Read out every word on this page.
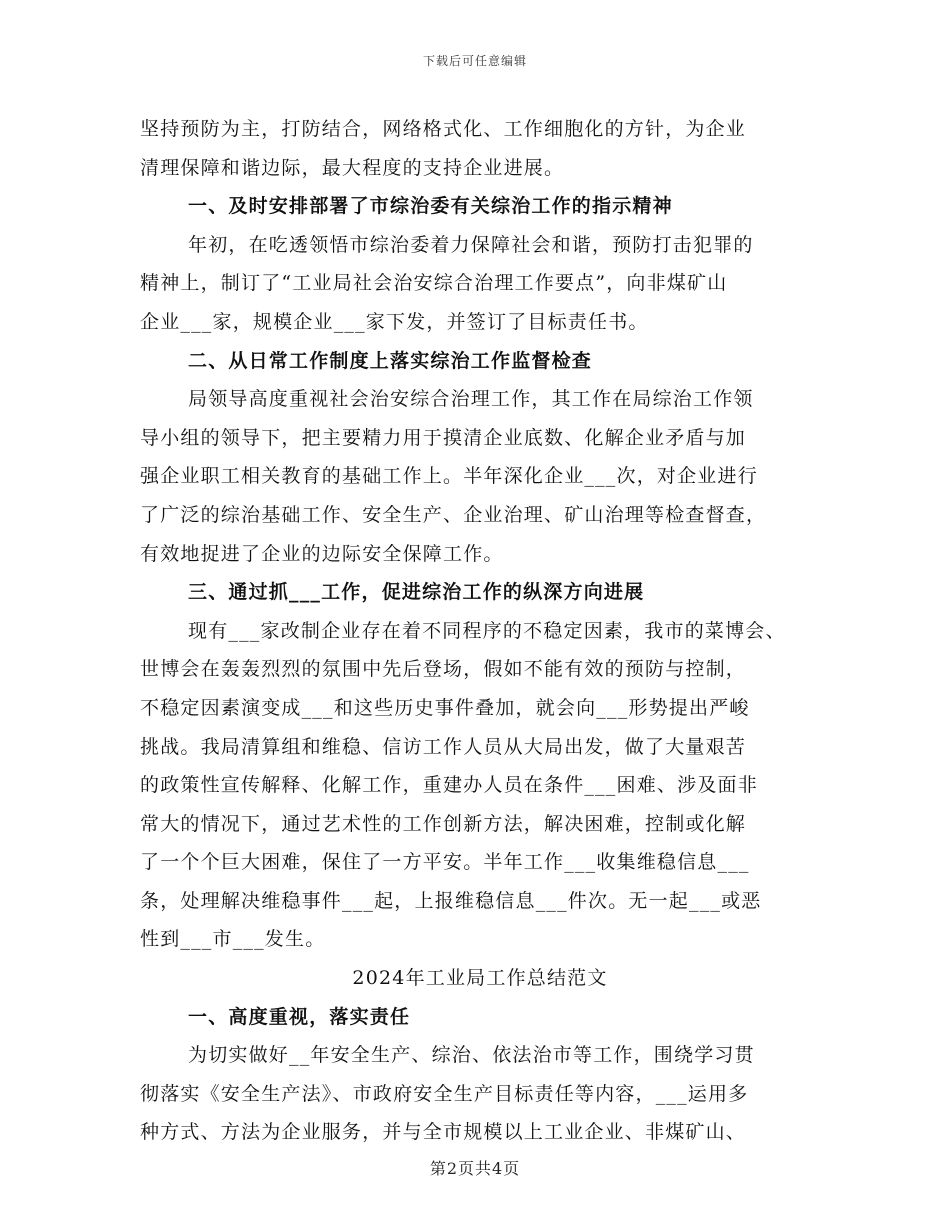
下载后可任意编辑
坚持预防为主，打防结合，网络格式化、工作细胞化的方针，为企业
清理保障和谐边际，最大程度的支持企业进展。
一、及时安排部署了市综治委有关综治工作的指示精神
年初，在吃透领悟市综治委着力保障社会和谐，预防打击犯罪的
精神上，制订了“工业局社会治安综合治理工作要点”，向非煤矿山
企业___家，规模企业___家下发，并签订了目标责任书。
二、从日常工作制度上落实综治工作监督检查
局领导高度重视社会治安综合治理工作，其工作在局综治工作领
导小组的领导下，把主要精力用于摸清企业底数、化解企业矛盾与加
强企业职工相关教育的基础工作上。半年深化企业___次，对企业进行
了广泛的综治基础工作、安全生产、企业治理、矿山治理等检查督查，
有效地捉进了企业的边际安全保障工作。
三、通过抓___工作，促进综治工作的纵深方向进展
现有___家改制企业存在着不同程序的不稳定因素，我市的菜博会、
世博会在轰轰烈烈的氛围中先后登场，假如不能有效的预防与控制，
不稳定因素演变成___和这些历史事件叠加，就会向___形势提出严峻
挑战。我局清算组和维稳、信访工作人员从大局出发，做了大量艰苦
的政策性宣传解释、化解工作，重建办人员在条件___困难、涉及面非
常大的情况下，通过艺术性的工作创新方法，解决困难，控制或化解
了一个个巨大困难，保住了一方平安。半年工作___收集维稳信息___
条，处理解决维稳事件___起，上报维稳信息___件次。无一起___或恶
性到___市___发生。
2024年工业局工作总结范文
一、高度重视，落实责任
为切实做好__年安全生产、综治、依法治市等工作，围绕学习贯
彻落实《安全生产法》、市政府安全生产目标责任等内容，___运用多
种方式、方法为企业服务，并与全市规模以上工业企业、非煤矿山、
第2页共4页
